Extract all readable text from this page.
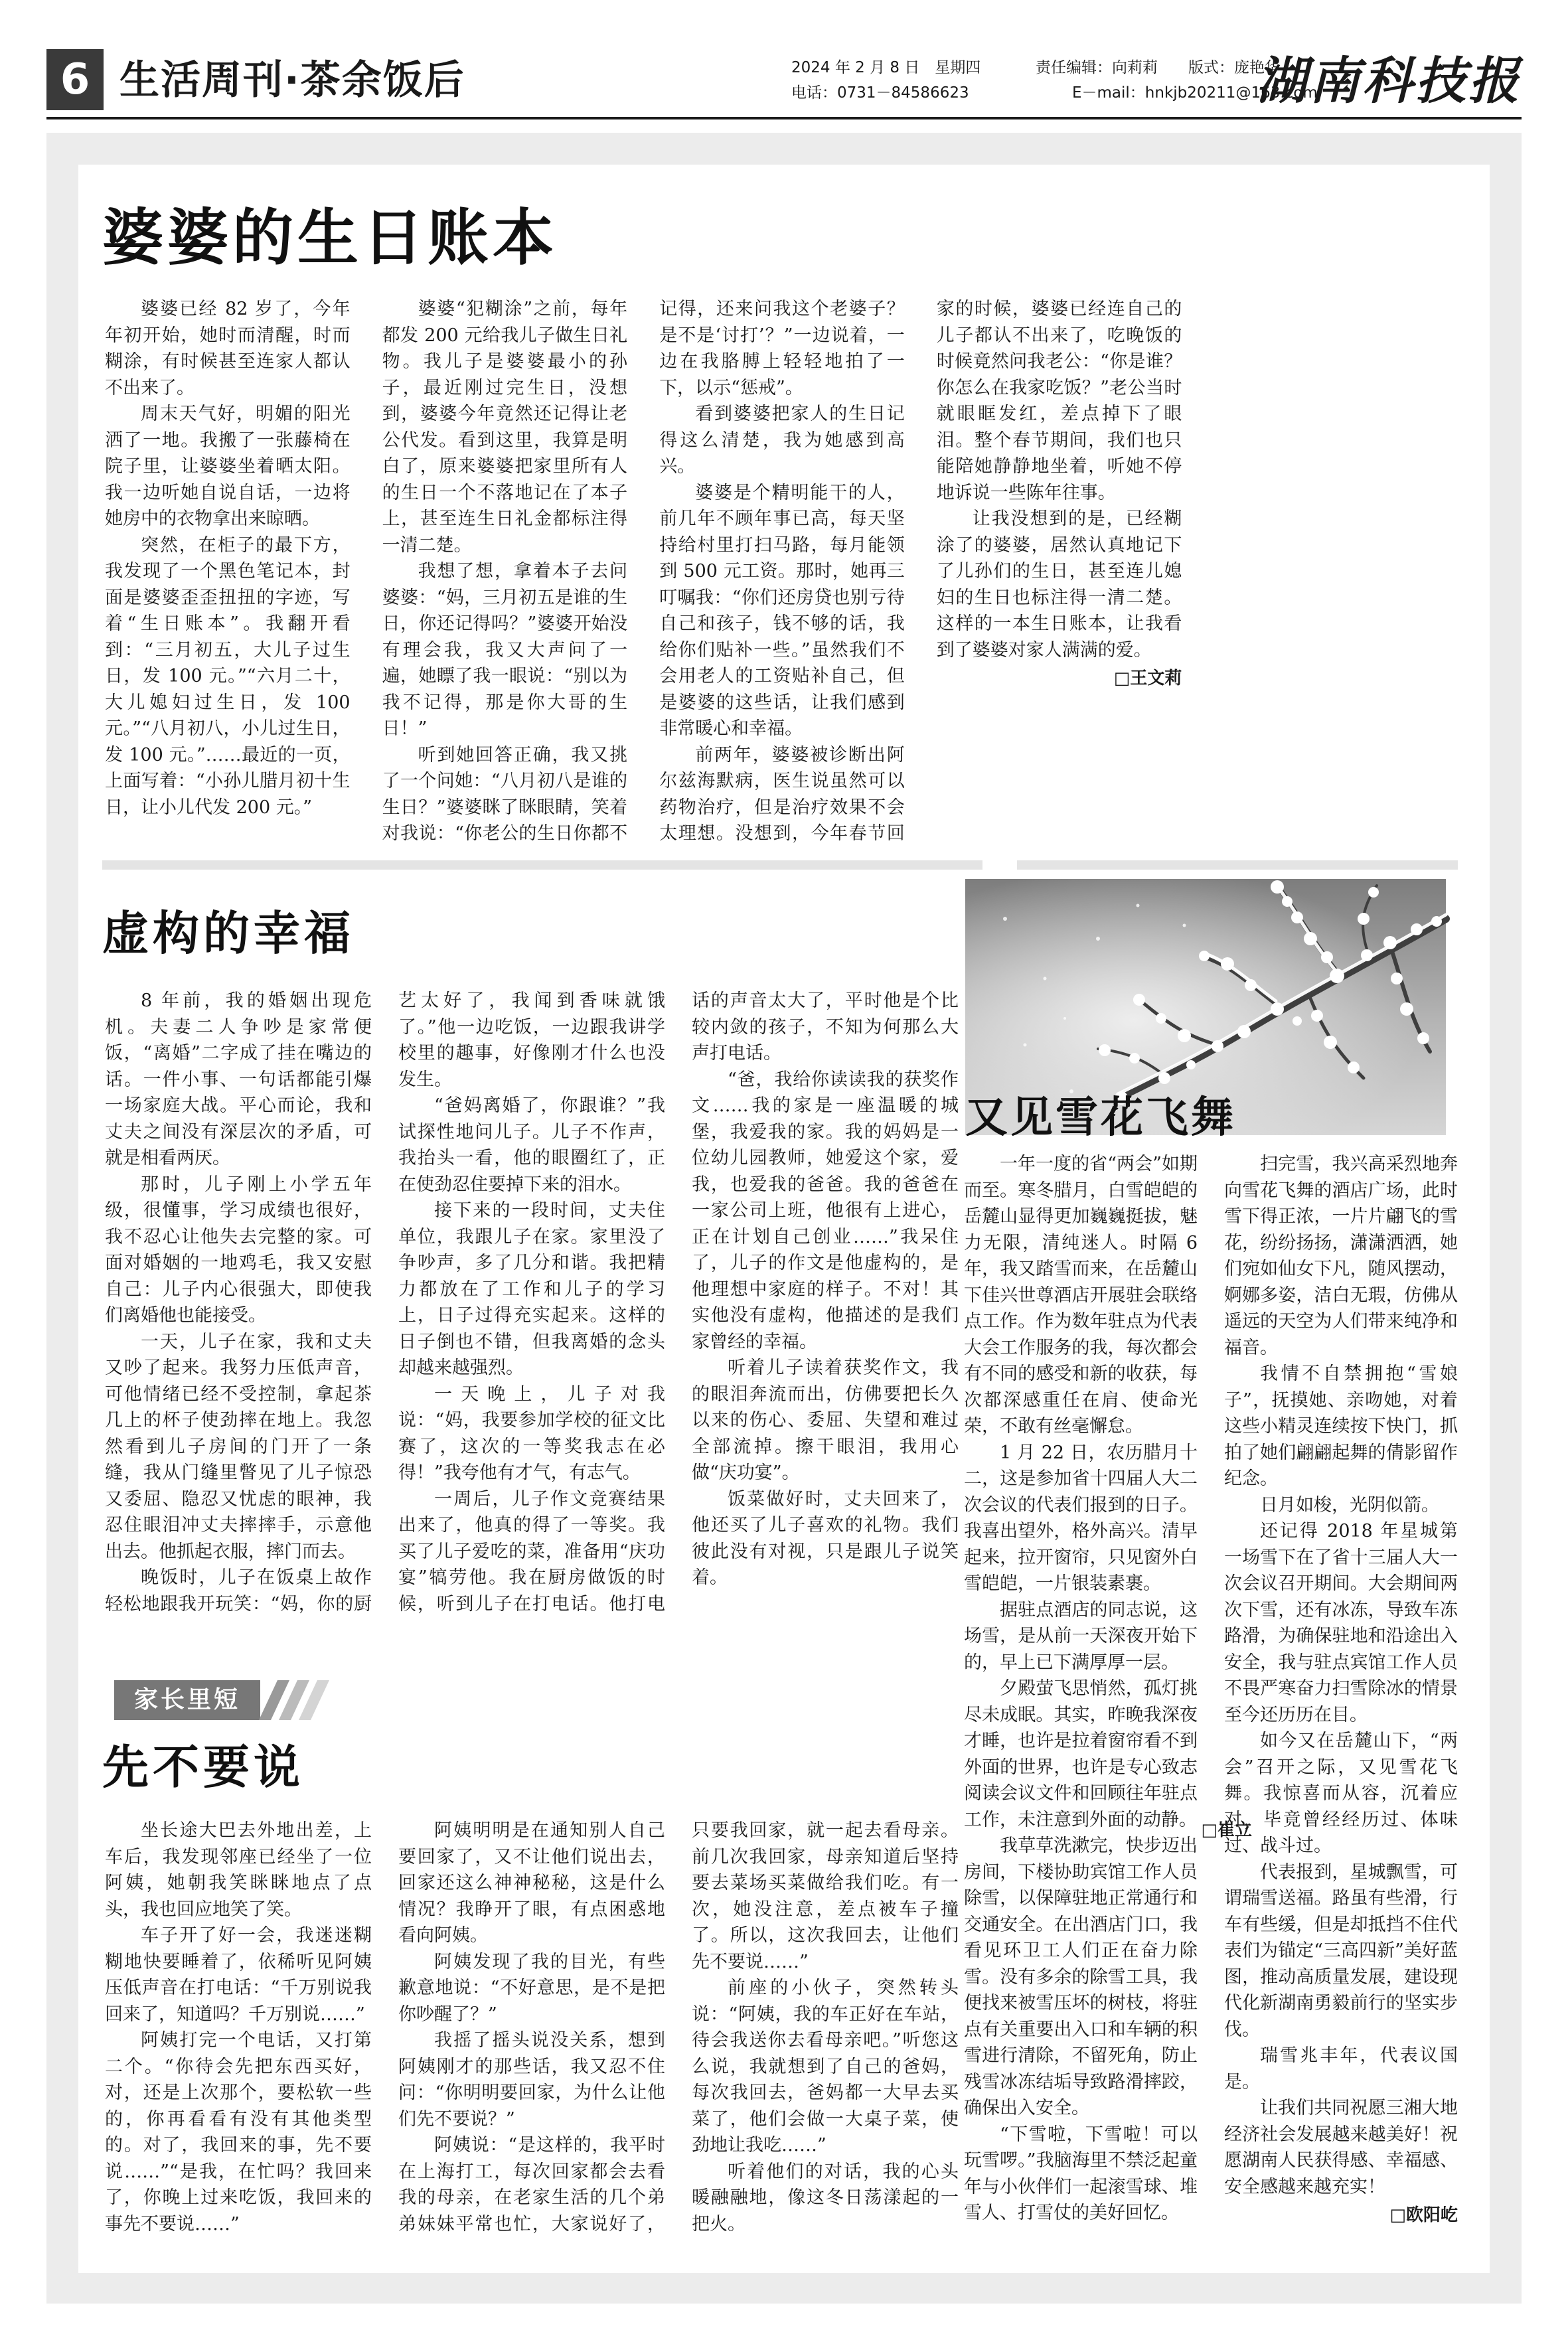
6 生活周刊·茶余饭后	2024 年 2 月 8 日　星期四
电话：0731－84586623
责任编辑：向莉莉　　版式：庞艳华
E－mail：hnkjb20211@163.com
湖南科技报
婆婆的生日账本

婆婆已经 82 岁了，今年年初开始，她时而清醒，时而糊涂，有时候甚至连家人都认不出来了。

周末天气好，明媚的阳光洒了一地。我搬了一张藤椅在院子里，让婆婆坐着晒太阳。我一边听她自说自话，一边将她房中的衣物拿出来晾晒。

突然，在柜子的最下方，我发现了一个黑色笔记本，封面是婆婆歪歪扭扭的字迹，写着“生日账本”。我翻开看到：“三月初五，大儿子过生日，发 100 元。”“六月二十，大儿媳妇过生日，发 100 元。”“八月初八，小儿过生日，发 100 元。”……最近的一页，上面写着：“小孙儿腊月初十生日，让小儿代发 200 元。”

婆婆“犯糊涂”之前，每年都发 200 元给我儿子做生日礼物。我儿子是婆婆最小的孙子，最近刚过完生日，没想到，婆婆今年竟然还记得让老公代发。看到这里，我算是明白了，原来婆婆把家里所有人的生日一个不落地记在了本子上，甚至连生日礼金都标注得一清二楚。

我想了想，拿着本子去问婆婆：“妈，三月初五是谁的生日，你还记得吗？”婆婆开始没有理会我，我又大声问了一遍，她瞟了我一眼说：“别以为我不记得，那是你大哥的生日！”

听到她回答正确，我又挑了一个问她：“八月初八是谁的生日？”婆婆眯了眯眼睛，笑着对我说：“你老公的生日你都不记得，还来问我这个老婆子？是不是‘讨打’？”一边说着，一边在我胳膊上轻轻地拍了一下，以示“惩戒”。

看到婆婆把家人的生日记得这么清楚，我为她感到高兴。

婆婆是个精明能干的人，前几年不顾年事已高，每天坚持给村里打扫马路，每月能领到 500 元工资。那时，她再三叮嘱我：“你们还房贷也别亏待自己和孩子，钱不够的话，我给你们贴补一些。”虽然我们不会用老人的工资贴补自己，但是婆婆的这些话，让我们感到非常暖心和幸福。

前两年，婆婆被诊断出阿尔兹海默病，医生说虽然可以药物治疗，但是治疗效果不会太理想。没想到，今年春节回家的时候，婆婆已经连自己的儿子都认不出来了，吃晚饭的时候竟然问我老公：“你是谁？你怎么在我家吃饭？”老公当时就眼眶发红，差点掉下了眼泪。整个春节期间，我们也只能陪她静静地坐着，听她不停地诉说一些陈年往事。

让我没想到的是，已经糊涂了的婆婆，居然认真地记下了儿孙们的生日，甚至连儿媳妇的生日也标注得一清二楚。这样的一本生日账本，让我看到了婆婆对家人满满的爱。

□王文莉
虚构的幸福

8 年前，我的婚姻出现危机。夫妻二人争吵是家常便饭，“离婚”二字成了挂在嘴边的话。一件小事、一句话都能引爆一场家庭大战。平心而论，我和丈夫之间没有深层次的矛盾，可就是相看两厌。

那时，儿子刚上小学五年级，很懂事，学习成绩也很好，我不忍心让他失去完整的家。可面对婚姻的一地鸡毛，我又安慰自己：儿子内心很强大，即使我们离婚他也能接受。

一天，儿子在家，我和丈夫又吵了起来。我努力压低声音，可他情绪已经不受控制，拿起茶几上的杯子使劲摔在地上。我忽然看到儿子房间的门开了一条缝，我从门缝里瞥见了儿子惊恐又委屈、隐忍又忧虑的眼神，我忍住眼泪冲丈夫摔摔手，示意他出去。他抓起衣服，摔门而去。

晚饭时，儿子在饭桌上故作轻松地跟我开玩笑：“妈，你的厨艺太好了，我闻到香味就饿了。”他一边吃饭，一边跟我讲学校里的趣事，好像刚才什么也没发生。

“爸妈离婚了，你跟谁？”我试探性地问儿子。儿子不作声，我抬头一看，他的眼圈红了，正在使劲忍住要掉下来的泪水。

接下来的一段时间，丈夫住单位，我跟儿子在家。家里没了争吵声，多了几分和谐。我把精力都放在了工作和儿子的学习上，日子过得充实起来。这样的日子倒也不错，但我离婚的念头却越来越强烈。

一天晚上，儿子对我说：“妈，我要参加学校的征文比赛了，这次的一等奖我志在必得！”我夸他有才气，有志气。

一周后，儿子作文竞赛结果出来了，他真的得了一等奖。我买了儿子爱吃的菜，准备用“庆功宴”犒劳他。我在厨房做饭的时候，听到儿子在打电话。他打电话的声音太大了，平时他是个比较内敛的孩子，不知为何那么大声打电话。

“爸，我给你读读我的获奖作文……我的家是一座温暖的城堡，我爱我的家。我的妈妈是一位幼儿园教师，她爱这个家，爱我，也爱我的爸爸。我的爸爸在一家公司上班，他很有上进心，正在计划自己创业……”我呆住了，儿子的作文是他虚构的，是他理想中家庭的样子。不对！其实他没有虚构，他描述的是我们家曾经的幸福。

听着儿子读着获奖作文，我的眼泪奔流而出，仿佛要把长久以来的伤心、委屈、失望和难过全部流掉。擦干眼泪，我用心做“庆功宴”。

饭菜做好时，丈夫回来了，他还买了儿子喜欢的礼物。我们彼此没有对视，只是跟儿子说笑着。

又见雪花飞舞

一年一度的省“两会”如期而至。寒冬腊月，白雪皑皑的岳麓山显得更加巍巍挺拔，魅力无限，清纯迷人。时隔 6 年，我又踏雪而来，在岳麓山下佳兴世尊酒店开展驻会联络点工作。作为数年驻点为代表大会工作服务的我，每次都会有不同的感受和新的收获，每次都深感重任在肩、使命光荣，不敢有丝毫懈怠。

1 月 22 日，农历腊月十二，这是参加省十四届人大二次会议的代表们报到的日子。我喜出望外，格外高兴。清早起来，拉开窗帘，只见窗外白雪皑皑，一片银装素裹。

据驻点酒店的同志说，这场雪，是从前一天深夜开始下的，早上已下满厚厚一层。

夕殿萤飞思悄然，孤灯挑尽未成眠。其实，昨晚我深夜才睡，也许是拉着窗帘看不到外面的世界，也许是专心致志阅读会议文件和回顾往年驻点工作，未注意到外面的动静。

我草草洗漱完，快步迈出房间，下楼协助宾馆工作人员除雪，以保障驻地正常通行和交通安全。在出酒店门口，我看见环卫工人们正在奋力除雪。没有多余的除雪工具，我便找来被雪压坏的树枝，将驻点有关重要出入口和车辆的积雪进行清除，不留死角，防止残雪冰冻结垢导致路滑摔跤，确保出入安全。

“下雪啦，下雪啦！可以玩雪啰。”我脑海里不禁泛起童年与小伙伴们一起滚雪球、堆雪人、打雪仗的美好回忆。

扫完雪，我兴高采烈地奔向雪花飞舞的酒店广场，此时雪下得正浓，一片片翩飞的雪花，纷纷扬扬，潇潇洒洒，她们宛如仙女下凡，随风摆动，婀娜多姿，洁白无瑕，仿佛从遥远的天空为人们带来纯净和福音。

我情不自禁拥抱“雪娘子”，抚摸她、亲吻她，对着这些小精灵连续按下快门，抓拍了她们翩翩起舞的倩影留作纪念。

日月如梭，光阴似箭。

还记得 2018 年星城第一场雪下在了省十三届人大一次会议召开期间。大会期间两次下雪，还有冰冻，导致车冻路滑，为确保驻地和沿途出入安全，我与驻点宾馆工作人员不畏严寒奋力扫雪除冰的情景至今还历历在目。

如今又在岳麓山下，“两会”召开之际，又见雪花飞舞。我惊喜而从容，沉着应对，毕竟曾经经历过、体味过、战斗过。

代表报到，星城飘雪，可谓瑞雪送福。路虽有些滑，行车有些缓，但是却抵挡不住代表们为锚定“三高四新”美好蓝图，推动高质量发展，建设现代化新湖南勇毅前行的坚实步伐。

瑞雪兆丰年，代表议国是。

让我们共同祝愿三湘大地经济社会发展越来越美好！祝愿湖南人民获得感、幸福感、安全感越来越充实！

□欧阳屹
家长里短
先不要说

坐长途大巴去外地出差，上车后，我发现邻座已经坐了一位阿姨，她朝我笑眯眯地点了点头，我也回应地笑了笑。

车子开了好一会，我迷迷糊糊地快要睡着了，依稀听见阿姨压低声音在打电话：“千万别说我回来了，知道吗？千万别说……”

阿姨打完一个电话，又打第二个。“你待会先把东西买好，对，还是上次那个，要松软一些的，你再看看有没有其他类型的。对了，我回来的事，先不要说……”“是我，在忙吗？我回来了，你晚上过来吃饭，我回来的事先不要说……”

阿姨明明是在通知别人自己要回家了，又不让他们说出去，回家还这么神神秘秘，这是什么情况？我睁开了眼，有点困惑地看向阿姨。

阿姨发现了我的目光，有些歉意地说：“不好意思，是不是把你吵醒了？”

我摇了摇头说没关系，想到阿姨刚才的那些话，我又忍不住问：“你明明要回家，为什么让他们先不要说？”

阿姨说：“是这样的，我平时在上海打工，每次回家都会去看我的母亲，在老家生活的几个弟弟妹妹平常也忙，大家说好了，只要我回家，就一起去看母亲。前几次我回家，母亲知道后坚持要去菜场买菜做给我们吃。有一次，她没注意，差点被车子撞了。所以，这次我回去，让他们先不要说……”

前座的小伙子，突然转头说：“阿姨，我的车正好在车站，待会我送你去看母亲吧。”听您这么说，我就想到了自己的爸妈，每次我回去，爸妈都一大早去买菜了，他们会做一大桌子菜，使劲地让我吃……”

听着他们的对话，我的心头暖融融地，像这冬日荡漾起的一把火。

□崔立
